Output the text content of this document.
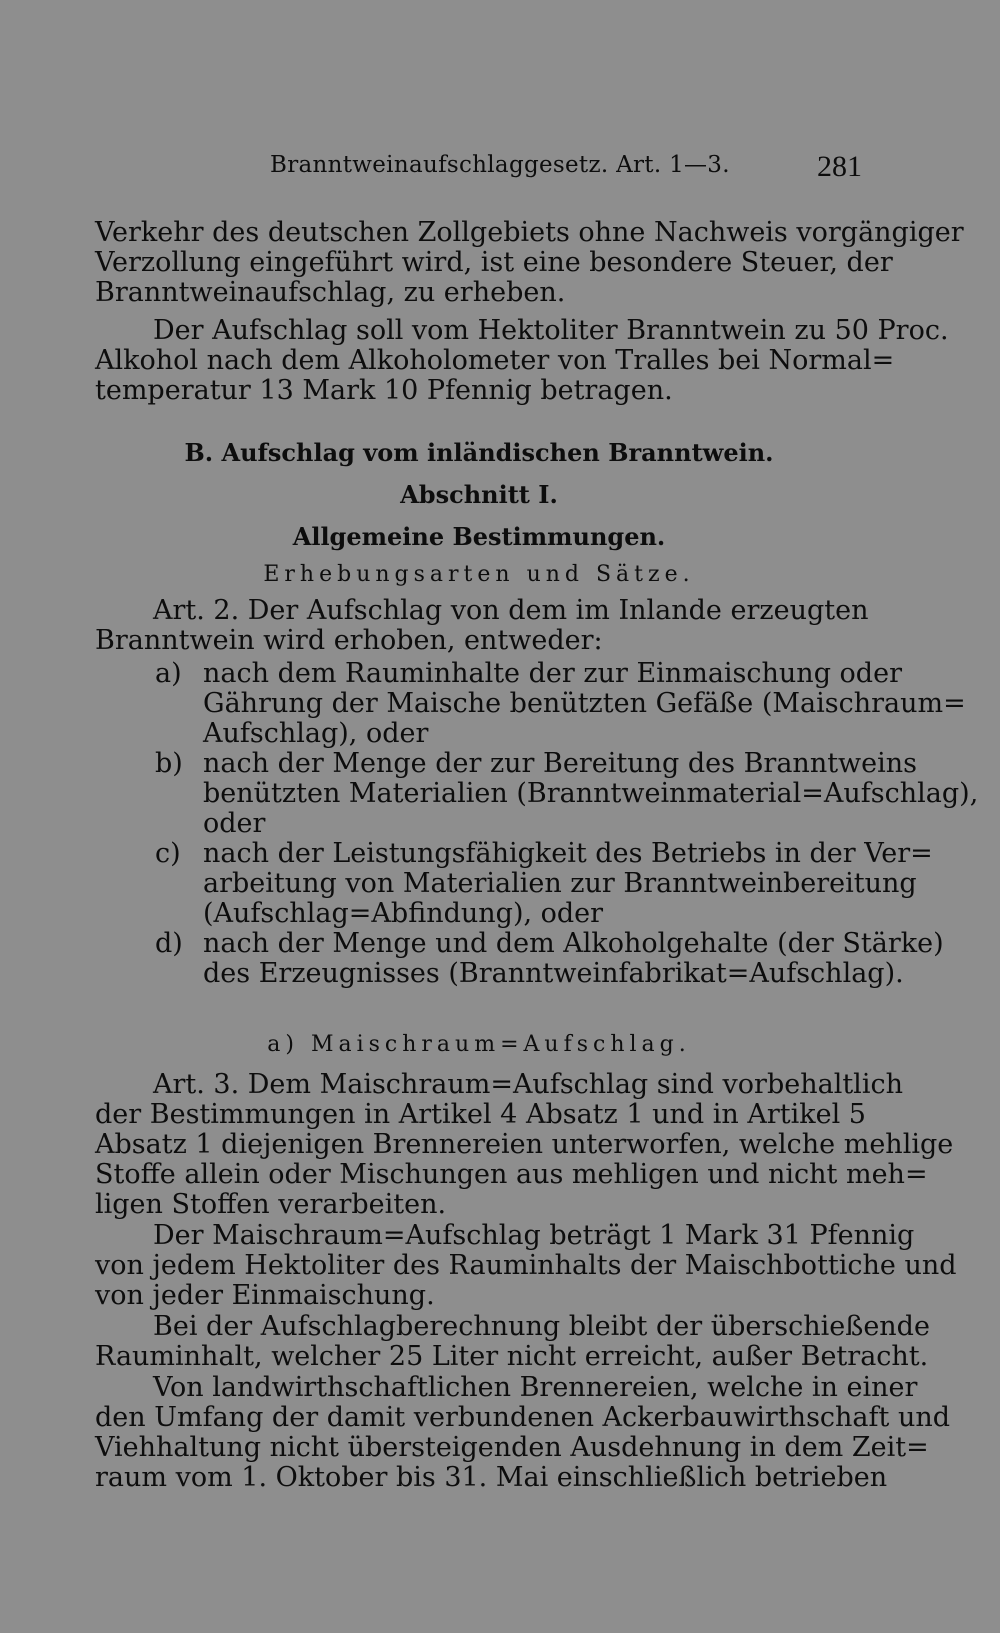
Branntweinaufschlaggesetz. Art. 1—3.	281
Verkehr des deutschen Zollgebiets ohne Nachweis vorgängiger
Verzollung eingeführt wird, ist eine besondere Steuer, der
Branntweinaufschlag, zu erheben.
Der Aufschlag soll vom Hektoliter Branntwein zu 50 Proc.
Alkohol nach dem Alkoholometer von Tralles bei Normal=
temperatur 13 Mark 10 Pfennig betragen.
B. Aufschlag vom inländischen Branntwein.
Abschnitt I.
Allgemeine Bestimmungen.
Erhebungsarten und Sätze.
Art. 2. Der Aufschlag von dem im Inlande erzeugten
Branntwein wird erhoben, entweder:
a) nach dem Rauminhalte der zur Einmaischung oder
Gährung der Maische benützten Gefäße (Maischraum=
Aufschlag), oder
b) nach der Menge der zur Bereitung des Branntweins
benützten Materialien (Branntweinmaterial=Aufschlag),
oder
c) nach der Leistungsfähigkeit des Betriebs in der Ver=
arbeitung von Materialien zur Branntweinbereitung
(Aufschlag=Abfindung), oder
d) nach der Menge und dem Alkoholgehalte (der Stärke)
des Erzeugnisses (Branntweinfabrikat=Aufschlag).
a) Maischraum=Aufschlag.
Art. 3. Dem Maischraum=Aufschlag sind vorbehaltlich
der Bestimmungen in Artikel 4 Absatz 1 und in Artikel 5
Absatz 1 diejenigen Brennereien unterworfen, welche mehlige
Stoffe allein oder Mischungen aus mehligen und nicht meh=
ligen Stoffen verarbeiten.
Der Maischraum=Aufschlag beträgt 1 Mark 31 Pfennig
von jedem Hektoliter des Rauminhalts der Maischbottiche und
von jeder Einmaischung.
Bei der Aufschlagberechnung bleibt der überschießende
Rauminhalt, welcher 25 Liter nicht erreicht, außer Betracht.
Von landwirthschaftlichen Brennereien, welche in einer
den Umfang der damit verbundenen Ackerbauwirthschaft und
Viehhaltung nicht übersteigenden Ausdehnung in dem Zeit=
raum vom 1. Oktober bis 31. Mai einschließlich betrieben
